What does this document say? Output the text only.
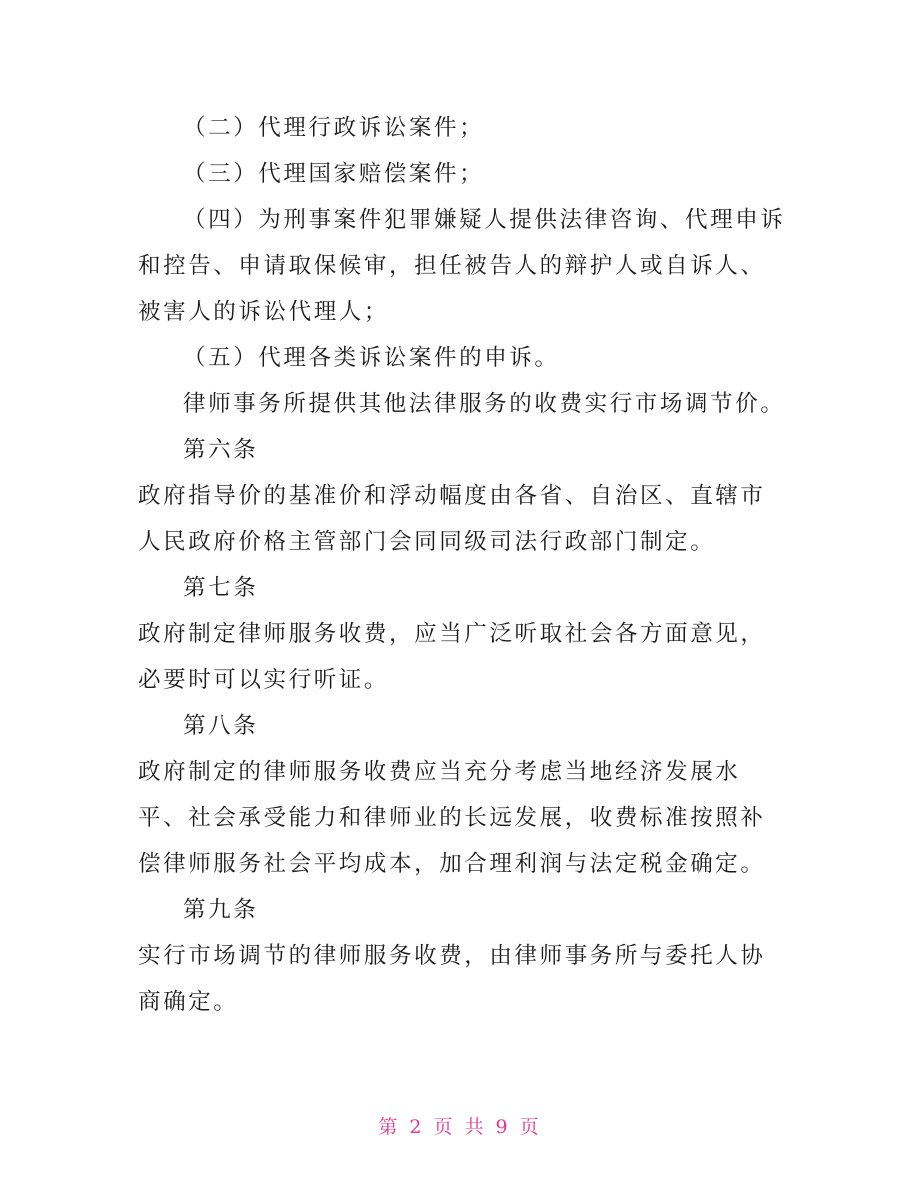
（二）代理行政诉讼案件；

（三）代理国家赔偿案件；

（四）为刑事案件犯罪嫌疑人提供法律咨询、代理申诉和控告、申请取保候审，担任被告人的辩护人或自诉人、被害人的诉讼代理人；

（五）代理各类诉讼案件的申诉。

律师事务所提供其他法律服务的收费实行市场调节价。

第六条

政府指导价的基准价和浮动幅度由各省、自治区、直辖市人民政府价格主管部门会同同级司法行政部门制定。

第七条

政府制定律师服务收费，应当广泛听取社会各方面意见，必要时可以实行听证。

第八条

政府制定的律师服务收费应当充分考虑当地经济发展水平、社会承受能力和律师业的长远发展，收费标准按照补偿律师服务社会平均成本，加合理利润与法定税金确定。

第九条

实行市场调节的律师服务收费，由律师事务所与委托人协商确定。

第 2 页 共 9 页
